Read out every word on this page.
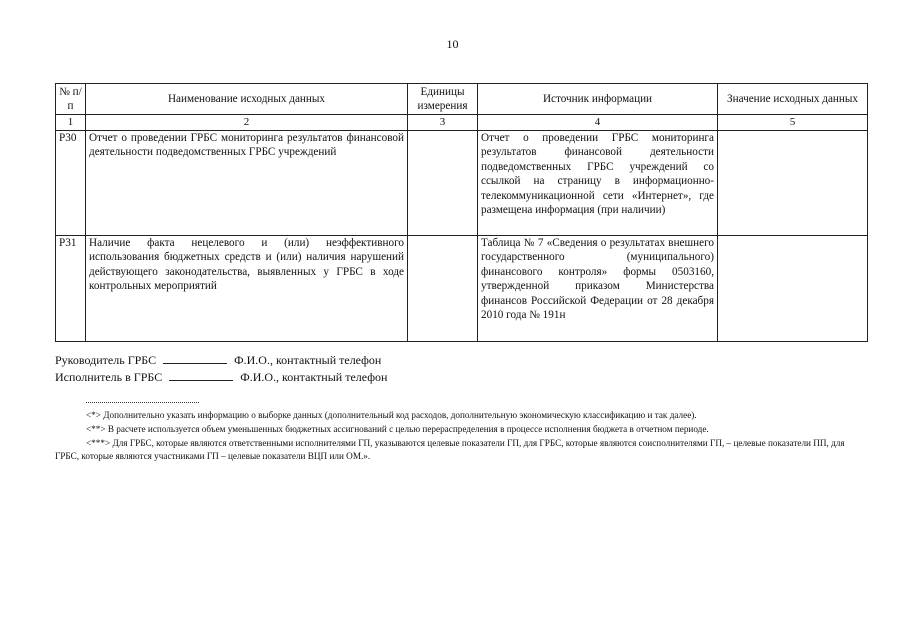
10
№ п/п	Наименование исходных данных	Единицы измерения	Источник информации	Значение исходных данных
1	2	3	4	5
Р30	Отчет о проведении ГРБС мониторинга результатов финансовой деятельности подведомственных ГРБС учреждений		Отчет о проведении ГРБС мониторинга результатов финансовой деятельности подведомственных ГРБС учреждений со ссылкой на страницу в информационно-телекоммуникационной сети «Интернет», где размещена информация (при наличии)	
Р31	Наличие факта нецелевого и (или) неэффективного использования бюджетных средств и (или) наличия нарушений действующего законодательства, выявленных у ГРБС в ходе контрольных мероприятий		Таблица № 7 «Сведения о результатах внешнего государственного (муниципального) финансового контроля» формы 0503160, утвержденной приказом Министерства финансов Российской Федерации от 28 декабря 2010 года № 191н	
Руководитель ГРБС	Ф.И.О., контактный телефон
Исполнитель в ГРБС	Ф.И.О., контактный телефон

<*> Дополнительно указать информацию о выборке данных (дополнительный код расходов, дополнительную экономическую классификацию и так далее).

<**> В расчете используется объем уменьшенных бюджетных ассигнований с целью перераспределения в процессе исполнения бюджета в отчетном периоде.

<***> Для ГРБС, которые являются ответственными исполнителями ГП, указываются целевые показатели ГП, для ГРБС, которые являются соисполнителями ГП, – целевые показатели ПП, для ГРБС, которые являются участниками ГП – целевые показатели ВЦП или ОМ.».
